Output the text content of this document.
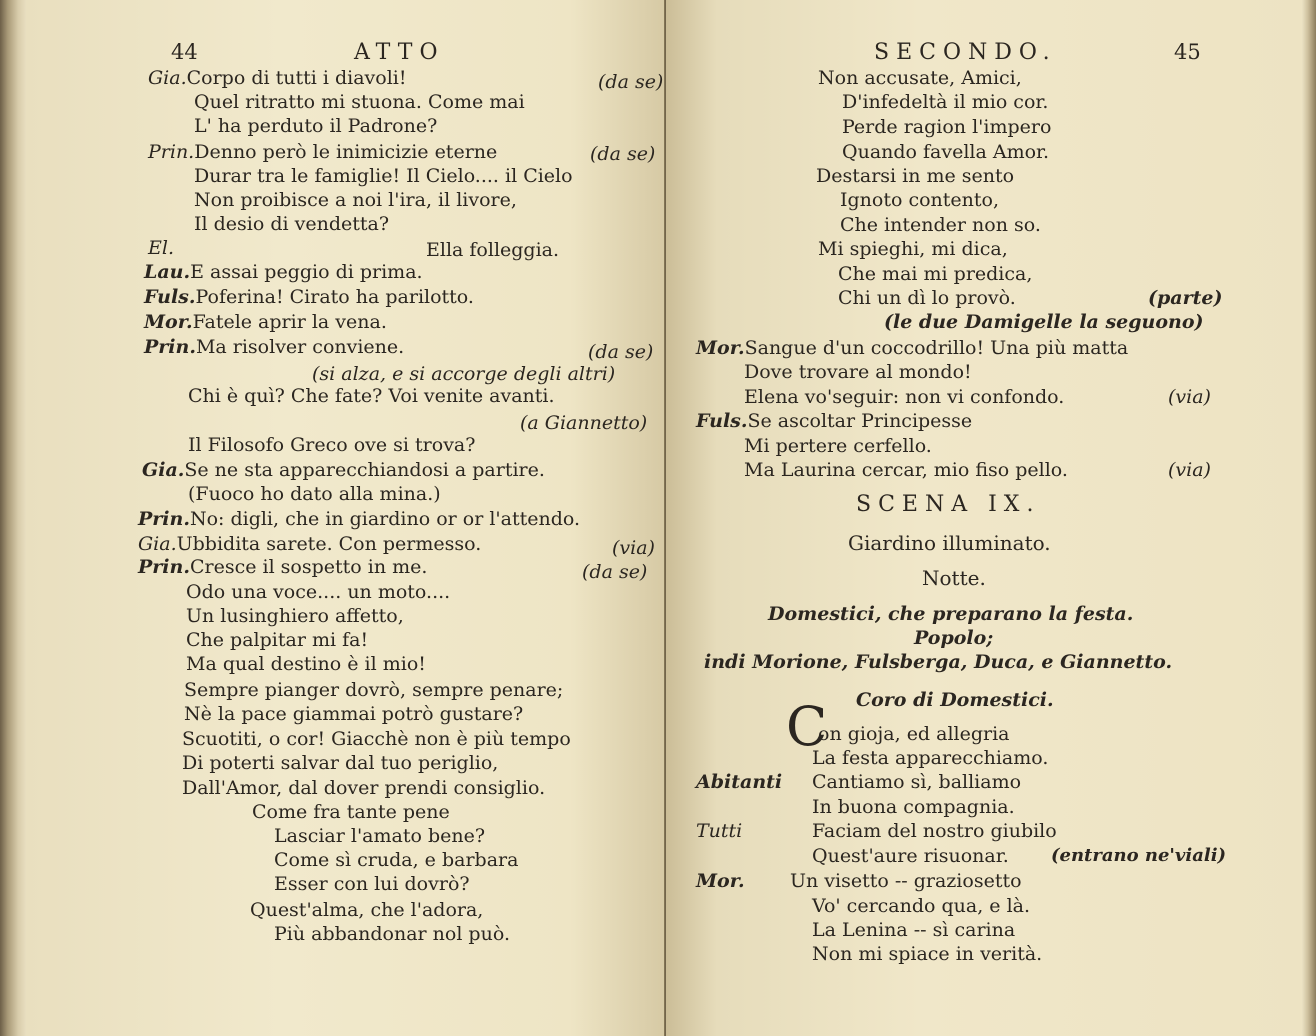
44	ATTO
Gia.Corpo di tutti i diavoli!	(da se)
Quel ritratto mi stuona. Come mai
L' ha perduto il Padrone?
Prin.Denno però le inimicizie eterne	(da se)
Durar tra le famiglie! Il Cielo.... il Cielo
Non proibisce a noi l'ira, il livore,
Il desio di vendetta?
El.	Ella folleggia.
Lau.E assai peggio di prima.
Fuls.Poferina! Cirato ha parilotto.
Mor.Fatele aprir la vena.
Prin.Ma risolver conviene.	(da se)
(si alza, e si accorge degli altri)
Chi è quì? Che fate? Voi venite avanti.
(a Giannetto)
Il Filosofo Greco ove si trova?
Gia.Se ne sta apparecchiandosi a partire.
(Fuoco ho dato alla mina.)
Prin.No: digli, che in giardino or or l'attendo.
Gia.Ubbidita sarete. Con permesso.	(via)
Prin.Cresce il sospetto in me.	(da se)
Odo una voce.... un moto....
Un lusinghiero affetto,
Che palpitar mi fa!
Ma qual destino è il mio!
Sempre pianger dovrò, sempre penare;
Nè la pace giammai potrò gustare?
Scuotiti, o cor! Giacchè non è più tempo
Di poterti salvar dal tuo periglio,
Dall'Amor, dal dover prendi consiglio.
Come fra tante pene
Lasciar l'amato bene?
Come sì cruda, e barbara
Esser con lui dovrò?
Quest'alma, che l'adora,
Più abbandonar nol può.
SECONDO.	45
Non accusate, Amici,
D'infedeltà il mio cor.
Perde ragion l'impero
Quando favella Amor.
Destarsi in me sento
Ignoto contento,
Che intender non so.
Mi spieghi, mi dica,
Che mai mi predica,
Chi un dì lo provò.	(parte)
(le due Damigelle la seguono)
Mor.Sangue d'un coccodrillo! Una più matta
Dove trovare al mondo!
Elena vo'seguir: non vi confondo.	(via)
Fuls.Se ascoltar Principesse
Mi pertere cerfello.
Ma Laurina cercar, mio fiso pello.	(via)
SCENA IX.
Giardino illuminato.
Notte.
Domestici, che preparano la festa.
Popolo;
indi Morione, Fulsberga, Duca, e Giannetto.
Coro di Domestici.
C
on gioja, ed allegria
La festa apparecchiamo.
Abitanti Cantiamo sì, balliamo
In buona compagnia.
Tutti	Faciam del nostro giubilo
Quest'aure risuonar. (entrano ne'viali)
Mor. Un visetto -- graziosetto
Vo' cercando qua, e là.
La Lenina -- sì carina
Non mi spiace in verità.
